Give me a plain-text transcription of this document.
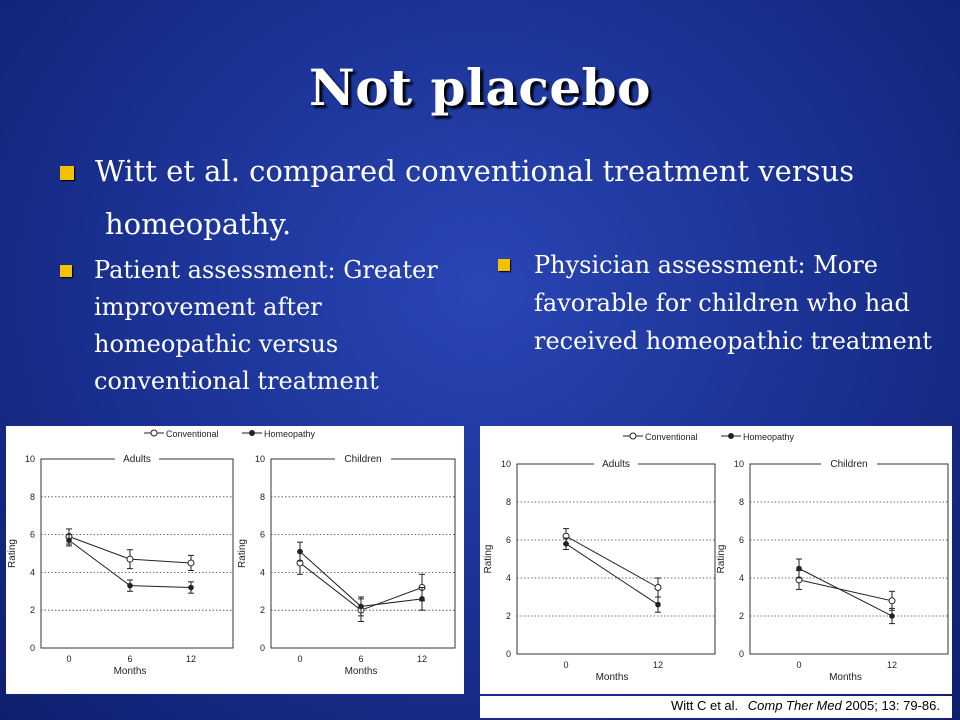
Not placebo
Witt et al. compared conventional treatment versus
homeopathy.
Patient assessment: Greater improvement after homeopathic versus conventional treatment
Physician assessment: More favorable for children who had received homeopathic treatment
Conventional	Homeopathy
0
2
4
6
8
10
0	6	12
Months
Rating
Adults
0
2
4
6
8
10
0	6	12
Months
Rating
Children
Conventional	Homeopathy
0
2
4
6
8
10
0	12
Months
Rating
Adults
0
2
4
6
8
10
0	12
Months
Rating
Children
Witt C et al. Comp Ther Med 2005; 13: 79-86.
